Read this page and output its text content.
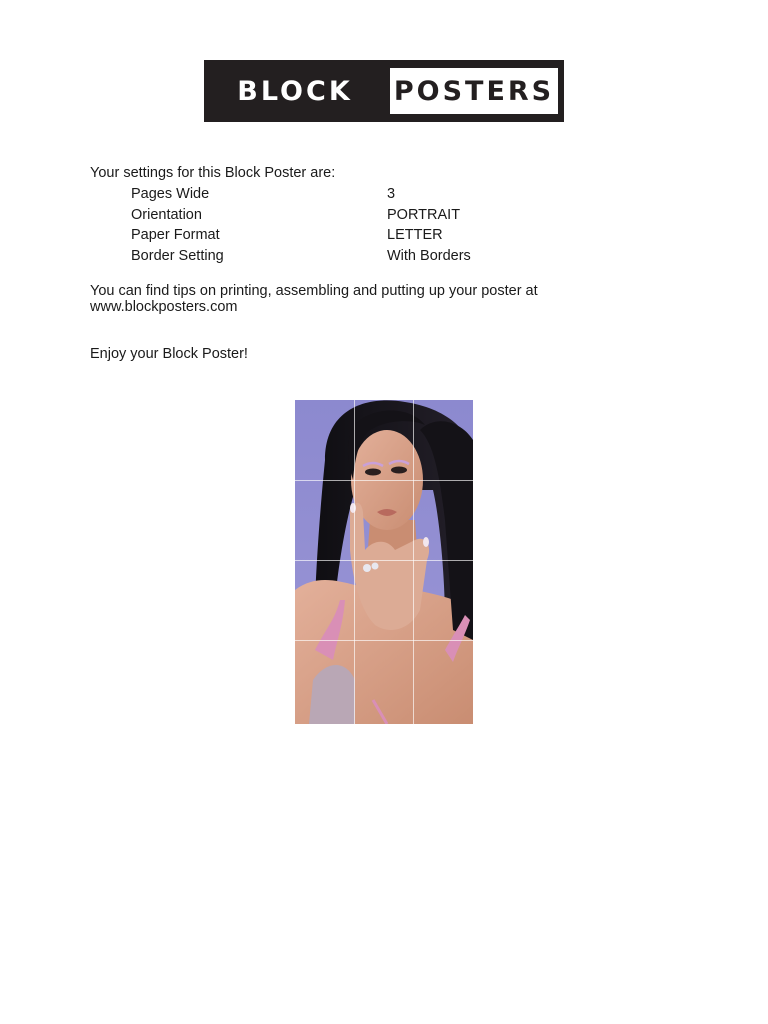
BLOCK	POSTERS

Your settings for this Block Poster are:

Pages Wide	3
Orientation	PORTRAIT
Paper Format	LETTER
Border Setting	With Borders

You can find tips on printing, assembling and putting up your poster at www.blockposters.com

Enjoy your Block Poster!
